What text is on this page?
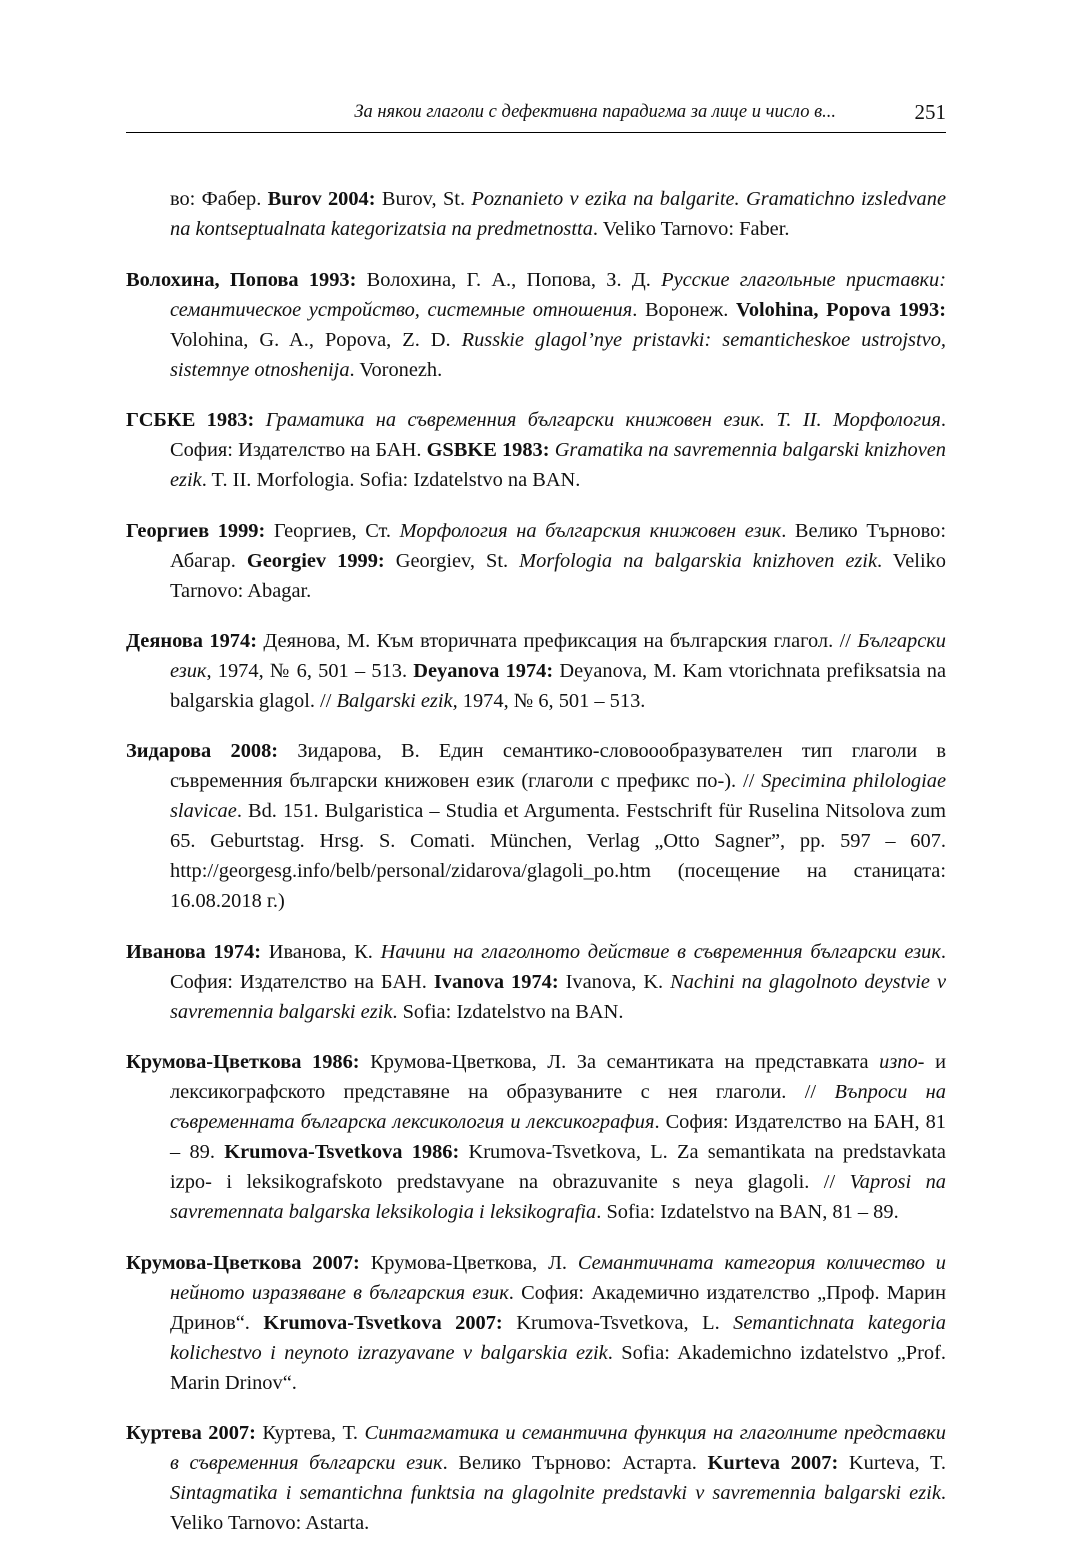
За някои глаголи с дефективна парадигма за лице и число в...	251

во: Фабер. Burov 2004: Burov, St. Poznanieto v ezika na balgarite. Gramatichno izsledvane na kontseptualnata kategorizatsia na predmetnostta. Veliko Tarnovo: Faber.

Волохина, Попова 1993: Волохина, Г. А., Попова, З. Д. Русские глагольные приставки: семантическое устройство, системные отношения. Воронеж. Volohina, Popova 1993: Volohina, G. A., Popova, Z. D. Russkie glagol’nye pristavki: semanticheskoe ustrojstvo, sistemnye otnoshenija. Voronezh.

ГСБКЕ 1983: Граматика на съвременния български книжовен език. Т. II. Морфология. София: Издателство на БАН. GSBKE 1983: Gramatika na savremennia balgarski knizhoven ezik. T. II. Morfologia. Sofia: Izdatelstvo na BAN.

Георгиев 1999: Георгиев, Ст. Морфология на българския книжовен език. Велико Търново: Абагар. Georgiev 1999: Georgiev, St. Morfologia na balgarskia knizhoven ezik. Veliko Tarnovo: Abagar.

Деянова 1974: Деянова, М. Към вторичната префиксация на българския глагол. // Български език, 1974, № 6, 501 – 513. Deyanova 1974: Deyanova, M. Kam vtorichnata prefiksatsia na balgarskia glagol. // Balgarski ezik, 1974, № 6, 501 – 513.

Зидарова 2008: Зидарова, В. Един семантико-словоообразувателен тип глаголи в съвременния български книжовен език (глаголи с префикс по-). // Specimina philologiae slavicae. Bd. 151. Bulgaristica – Studia et Argumenta. Festschrift für Ruselina Nitsolova zum 65. Geburtstag. Hrsg. S. Comati. München, Verlag „Otto Sagner”, pp. 597 – 607. http://georgesg.info/belb/personal/zidarova/glagoli_po.htm (посещение на станицата: 16.08.2018 г.)

Иванова 1974: Иванова, К. Начини на глаголното действие в съвременния български език. София: Издателство на БАН. Ivanova 1974: Ivanova, K. Nachini na glagolnoto deystvie v savremennia balgarski ezik. Sofia: Izdatelstvo na BAN.

Крумова-Цветкова 1986: Крумова-Цветкова, Л. За семантиката на представката изпо- и лексикографското представяне на образуваните с нея глаголи. // Въпроси на съвременната българска лексикология и лексикография. София: Издателство на БАН, 81 – 89. Krumova-Tsvetkova 1986: Krumova-Tsvetkova, L. Za semantikata na predstavkata izpo- i leksikografskoto predstavyane na obrazuvanite s neya glagoli. // Vaprosi na savremennata balgarska leksikologia i leksikografia. Sofia: Izdatelstvo na BAN, 81 – 89.

Крумова-Цветкова 2007: Крумова-Цветкова, Л. Семантичната категория количество и нейното изразяване в българския език. София: Академично издателство „Проф. Марин Дринов“. Krumova-Tsvetkova 2007: Krumova-Tsvetkova, L. Semantichnata kategoria kolichestvo i neynoto izrazyavane v balgarskia ezik. Sofia: Akademichno izdatelstvo „Prof. Marin Drinov“.

Куртева 2007: Куртева, Т. Синтагматика и семантична функция на глаголните представки в съвременния български език. Велико Търново: Астарта. Kurteva 2007: Kurteva, T. Sintagmatika i semantichna funktsia na glagolnite predstavki v savremennia balgarski ezik. Veliko Tarnovo: Astarta.
